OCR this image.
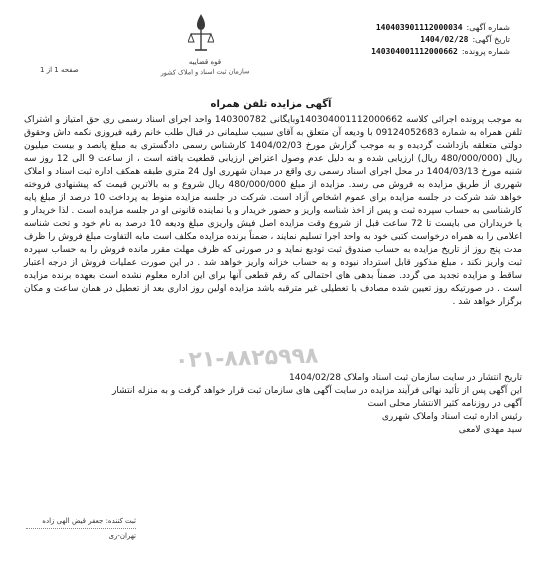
شماره آگهی:
140403901112000034
تاریخ آگهی:
1404/02/28
شماره پرونده:
140304001112000662
قوه قضاییه
سازمان ثبت اسناد و املاک کشور
صفحه 1 از 1
آگهی مزایده تلفن همراه

به موجب پرونده اجرائی کلاسه 140304001112000662وبایگانی 140300782 واحد اجرای اسناد رسمی ری حق امتیاز و اشتراک تلفن همراه به شماره 09124052683 با ودیعه آن متعلق به آقای سبیب سلیمانی در قبال طلب خانم رقیه فیروزی نکمه داش وحقوق دولتی متعلقه بازداشت گردیده و به موجب گزارش مورخ 1404/02/03 کارشناس رسمی دادگستری به مبلغ پانصد و بیست میلیون ریال (480/000/000 ریال) ارزیابی شده و به دلیل عدم وصول اعتراض ارزیابی قطعیت یافته است ، از ساعت 9 الی 12 روز سه شنبه مورخ 1404/03/13 در محل اجرای اسناد رسمی ری واقع در میدان شهرری اول 24 متری طبقه همکف اداره ثبت اسناد و املاک شهرری از طریق مزایده به فروش می رسد. مزایده از مبلغ 480/000/000 ریال شروع و به بالاترین قیمت که پیشنهادی فروخته خواهد شد شرکت در جلسه مزایده برای عموم اشخاص آزاد است. شرکت در جلسه مزایده منوط به پرداخت 10 درصد از مبلغ پایه کارشناسی به حساب سپرده ثبت و پس از اخذ شناسه واریز و حضور خریدار و یا نماینده قانونی او در جلسه مزایده است . لذا خریدار و یا خریداران می بایست تا 72 ساعت قبل از شروع وقت مزایده اصل فیش واریزی مبلغ ودیعه 10 درصد به نام خود و تحت شناسه اعلامی را به همراه درخواست کتبی خود به واحد اجرا تسلیم نمایند ، ضمناً برنده مزایده مکلف است مابه التفاوت مبلغ فروش را ظرف مدت پنج روز از تاریخ مزایده به حساب صندوق ثبت تودیع نماید و در صورتی که ظرف مهلت مقرر مانده فروش را به حساب سپرده ثبت واریز نکند ، مبلغ مذکور قابل استرداد نبوده و به حساب خزانه واریز خواهد شد . در این صورت عملیات فروش از درجه اعتبار ساقط و مزایده تجدید می گردد. ضمناً بدهی های احتمالی که رقم قطعی آنها برای این اداره معلوم نشده است بعهده برنده مزایده است . در صورتیکه روز تعیین شده مصادف با تعطیلی غیر مترقبه باشد مزایده اولین روز اداری بعد از تعطیل در همان ساعت و مکان برگزار خواهد شد .

۰۲۱-۸۸۲۵۹۹۸
تاریخ انتشار در سایت سازمان ثبت اسناد واملاک 1404/02/28
این آگهی پس از تأئید نهائی فرآیند مزایده در سایت آگهی های سازمان ثبت قرار خواهد گرفت و به منزله انتشار
آگهی در روزنامه کثیر الانتشار محلی است
رئیس اداره ثبت اسناد واملاک شهرری
سید مهدی لامعی
ثبت کننده: جعفر قیض الهی زاده
تهران-ری
